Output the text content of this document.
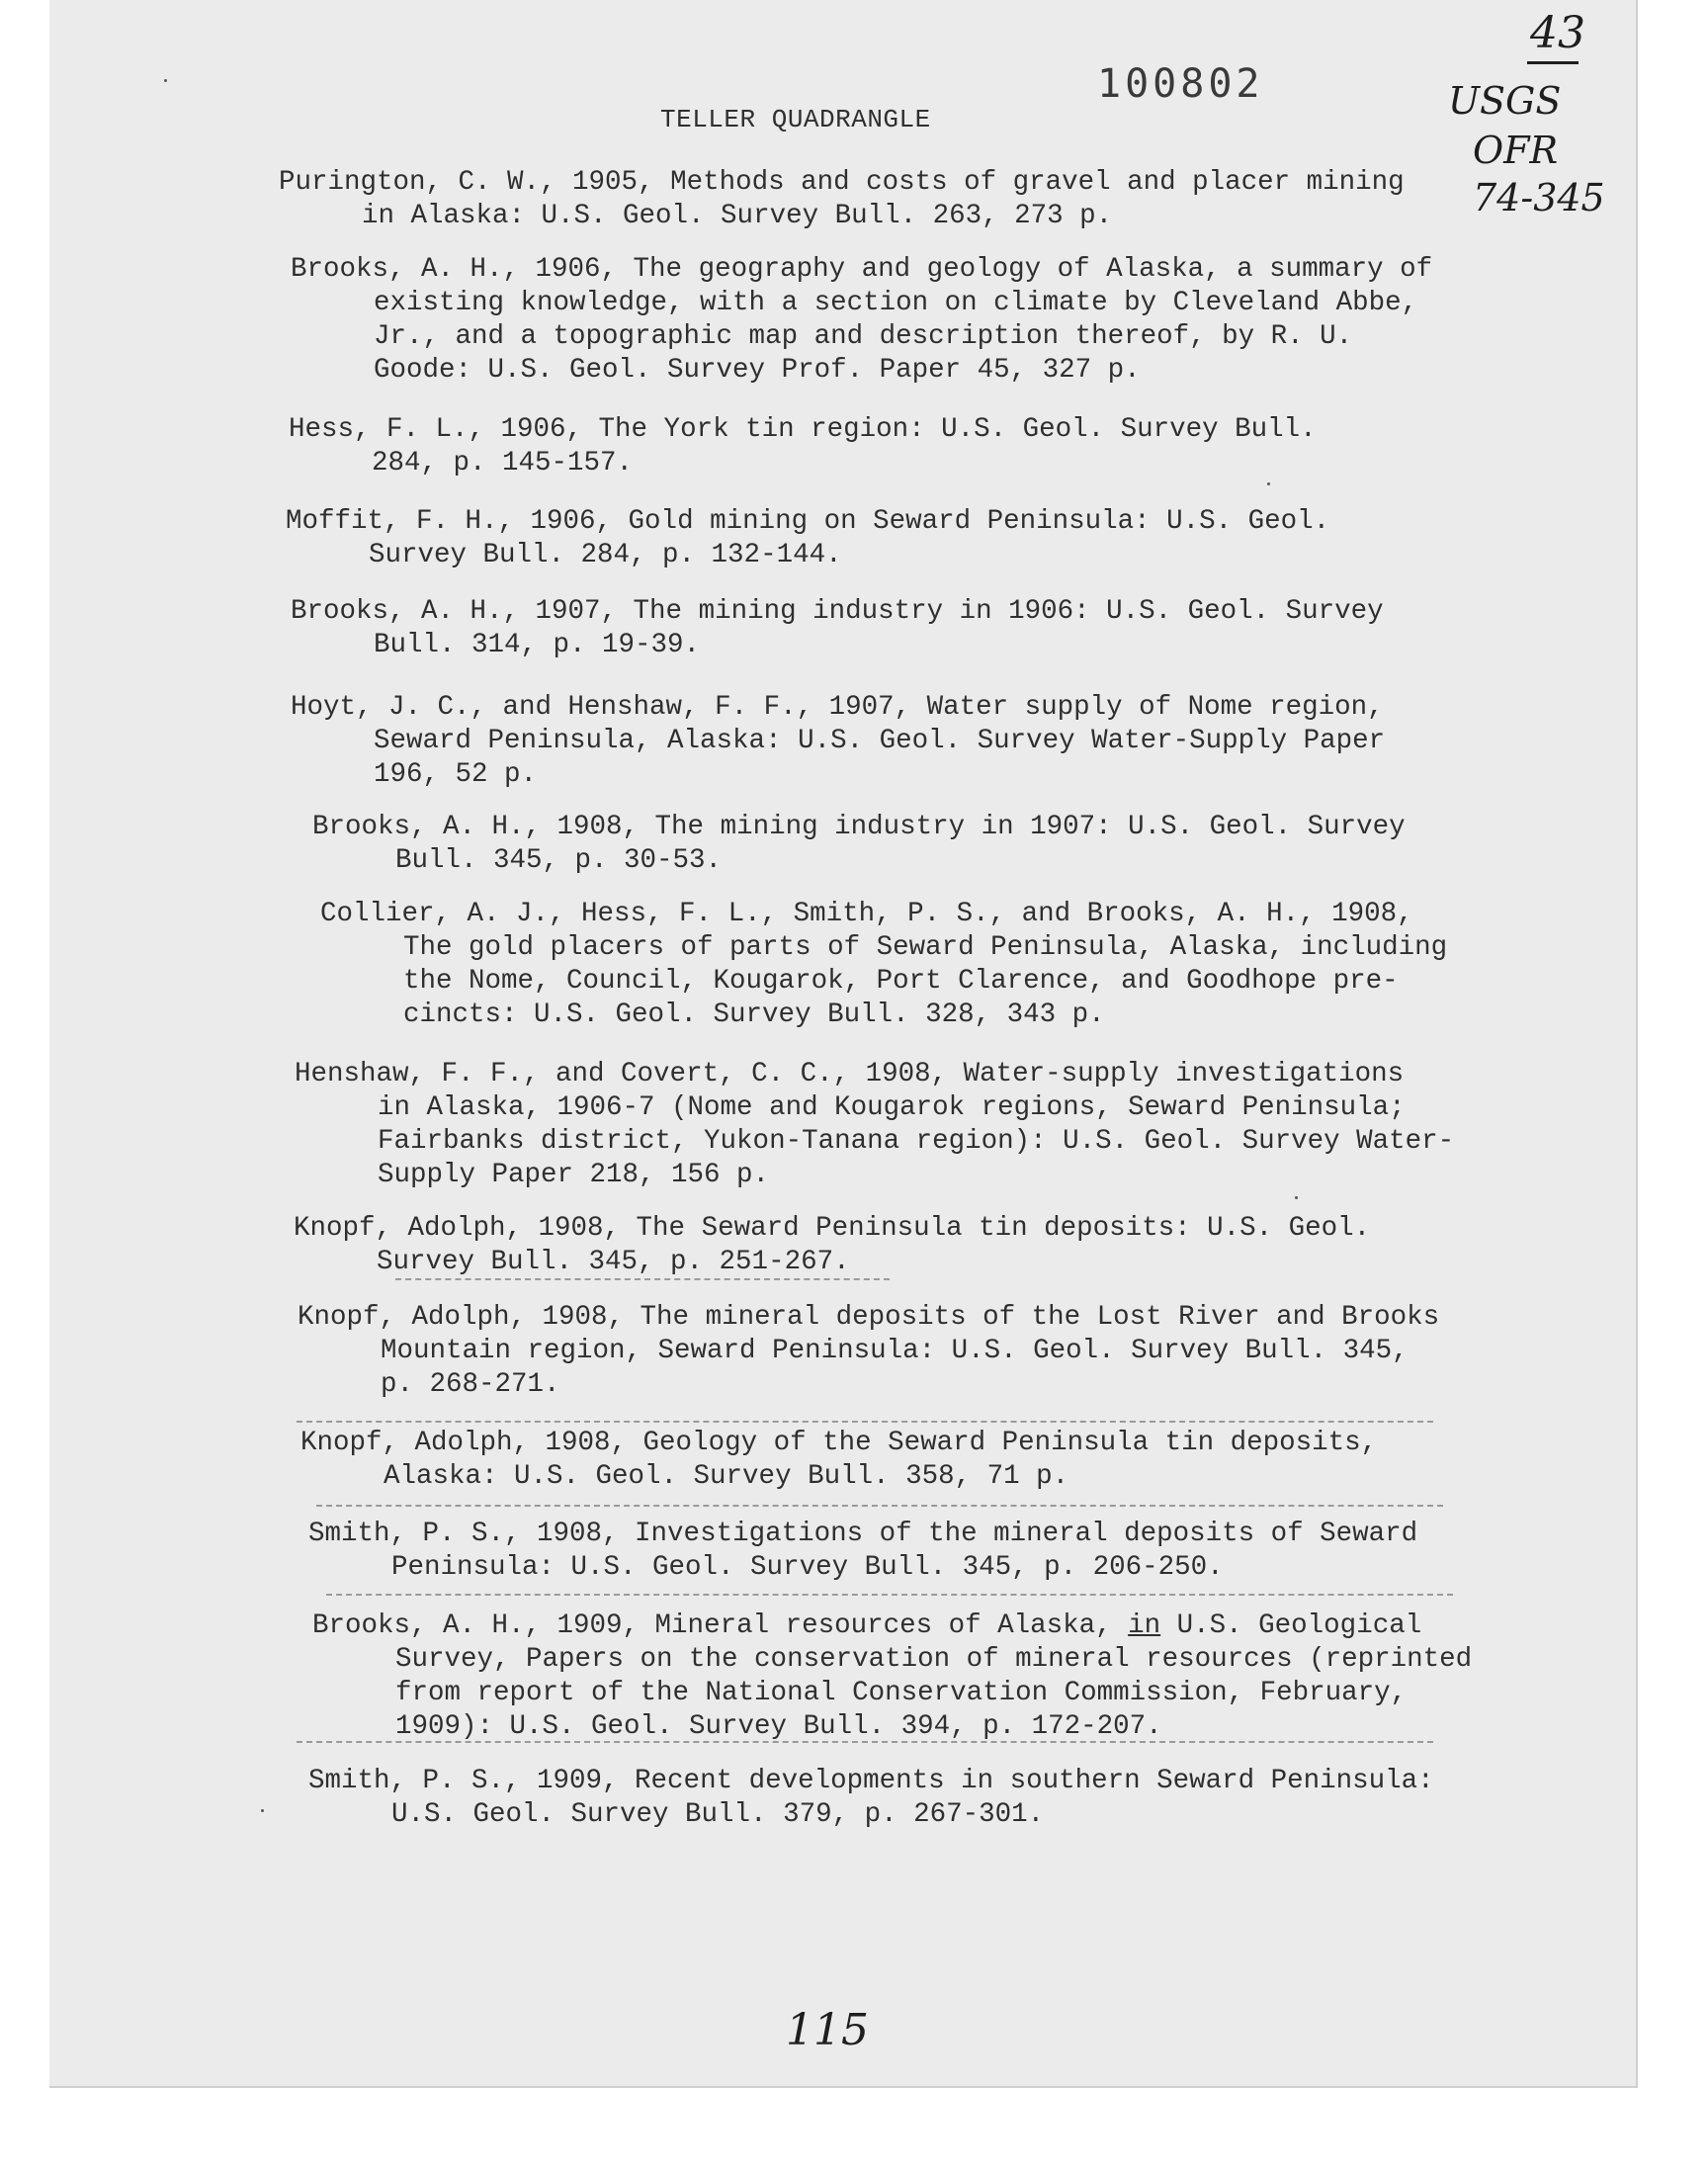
TELLER QUADRANGLE
100802
43
USGS
OFR
74-345
Purington, C. W., 1905, Methods and costs of gravel and placer mining
in Alaska: U.S. Geol. Survey Bull. 263, 273 p.
Brooks, A. H., 1906, The geography and geology of Alaska, a summary of
existing knowledge, with a section on climate by Cleveland Abbe,
Jr., and a topographic map and description thereof, by R. U.
Goode: U.S. Geol. Survey Prof. Paper 45, 327 p.
Hess, F. L., 1906, The York tin region: U.S. Geol. Survey Bull.
284, p. 145-157.
Moffit, F. H., 1906, Gold mining on Seward Peninsula: U.S. Geol.
Survey Bull. 284, p. 132-144.
Brooks, A. H., 1907, The mining industry in 1906: U.S. Geol. Survey
Bull. 314, p. 19-39.
Hoyt, J. C., and Henshaw, F. F., 1907, Water supply of Nome region,
Seward Peninsula, Alaska: U.S. Geol. Survey Water-Supply Paper
196, 52 p.
Brooks, A. H., 1908, The mining industry in 1907: U.S. Geol. Survey
Bull. 345, p. 30-53.
Collier, A. J., Hess, F. L., Smith, P. S., and Brooks, A. H., 1908,
The gold placers of parts of Seward Peninsula, Alaska, including
the Nome, Council, Kougarok, Port Clarence, and Goodhope pre-
cincts: U.S. Geol. Survey Bull. 328, 343 p.
Henshaw, F. F., and Covert, C. C., 1908, Water-supply investigations
in Alaska, 1906-7 (Nome and Kougarok regions, Seward Peninsula;
Fairbanks district, Yukon-Tanana region): U.S. Geol. Survey Water-
Supply Paper 218, 156 p.
Knopf, Adolph, 1908, The Seward Peninsula tin deposits: U.S. Geol.
Survey Bull. 345, p. 251-267.
Knopf, Adolph, 1908, The mineral deposits of the Lost River and Brooks
Mountain region, Seward Peninsula: U.S. Geol. Survey Bull. 345,
p. 268-271.
Knopf, Adolph, 1908, Geology of the Seward Peninsula tin deposits,
Alaska: U.S. Geol. Survey Bull. 358, 71 p.
Smith, P. S., 1908, Investigations of the mineral deposits of Seward
Peninsula: U.S. Geol. Survey Bull. 345, p. 206-250.
Brooks, A. H., 1909, Mineral resources of Alaska, in U.S. Geological
Survey, Papers on the conservation of mineral resources (reprinted
from report of the National Conservation Commission, February,
1909): U.S. Geol. Survey Bull. 394, p. 172-207.
Smith, P. S., 1909, Recent developments in southern Seward Peninsula:
U.S. Geol. Survey Bull. 379, p. 267-301.
115
